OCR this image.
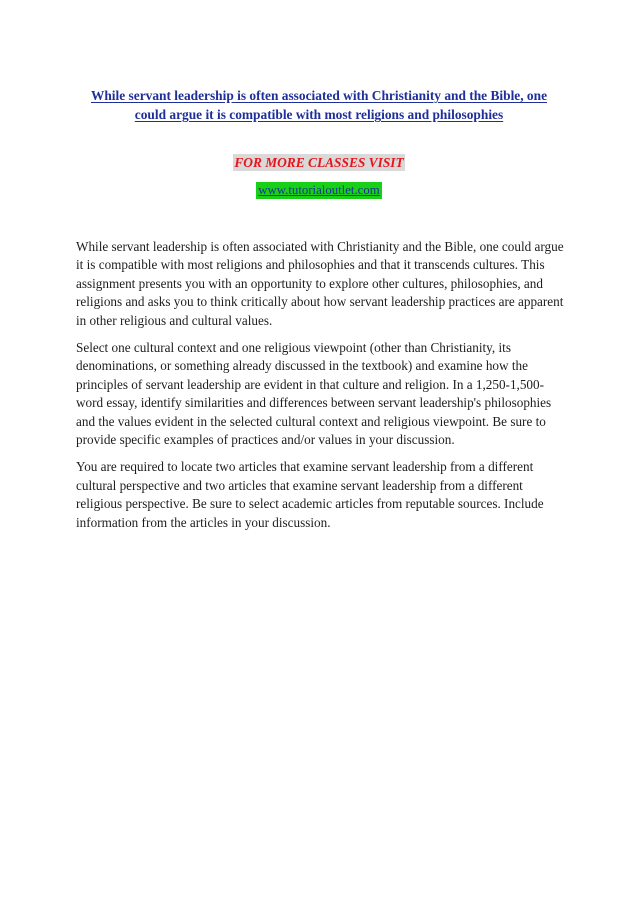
While servant leadership is often associated with Christianity and the Bible, one could argue it is compatible with most religions and philosophies
FOR MORE CLASSES VISIT
www.tutorialoutlet.com

While servant leadership is often associated with Christianity and the Bible, one could argue it is compatible with most religions and philosophies and that it transcends cultures. This assignment presents you with an opportunity to explore other cultures, philosophies, and religions and asks you to think critically about how servant leadership practices are apparent in other religious and cultural values.

Select one cultural context and one religious viewpoint (other than Christianity, its denominations, or something already discussed in the textbook) and examine how the principles of servant leadership are evident in that culture and religion. In a 1,250-1,500-word essay, identify similarities and differences between servant leadership's philosophies and the values evident in the selected cultural context and religious viewpoint. Be sure to provide specific examples of practices and/or values in your discussion.

You are required to locate two articles that examine servant leadership from a different cultural perspective and two articles that examine servant leadership from a different religious perspective. Be sure to select academic articles from reputable sources. Include information from the articles in your discussion.
